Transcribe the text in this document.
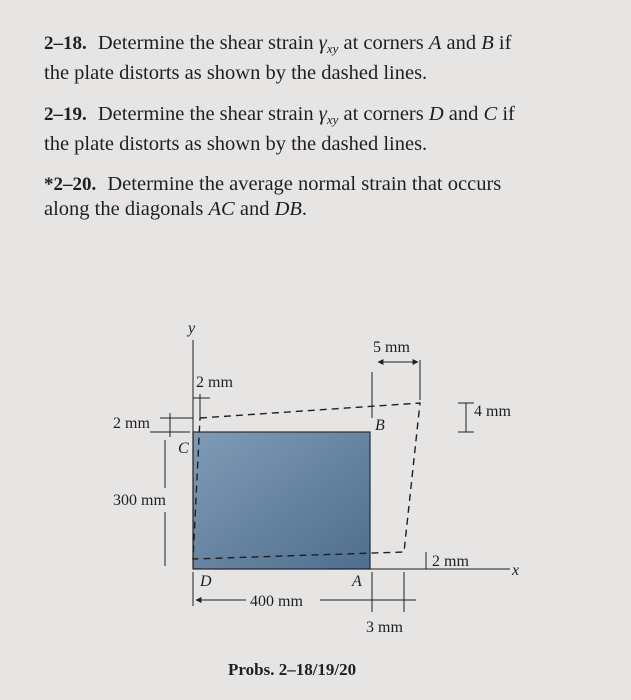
2–18. Determine the shear strain $\gamma_{xy}$ at corners A and B if
the plate distorts as shown by the dashed lines.
2–19. Determine the shear strain $\gamma_{xy}$ at corners D and C if
the plate distorts as shown by the dashed lines.
*2–20. Determine the average normal strain that occurs
along the diagonals AC and DB.
5 mm
2 mm
4 mm
2 mm
300 mm
400 mm
3 mm
2 mm
y
x
C
B
D	A
Probs. 2–18/19/20
